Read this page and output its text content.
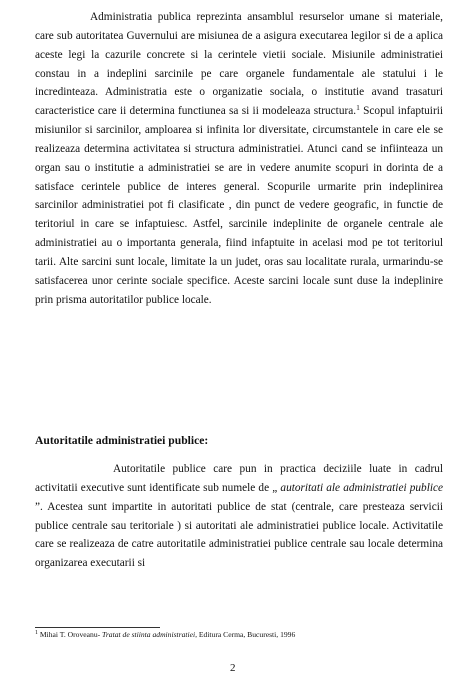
Administratia publica reprezinta ansamblul resurselor umane si materiale, care sub autoritatea Guvernului are misiunea de a asigura executarea legilor si de a aplica aceste legi la cazurile concrete si la cerintele vietii sociale. Misiunile administratiei constau in a indeplini sarcinile pe care organele fundamentale ale statului i le incredinteaza. Administratia este o organizatie sociala, o institutie avand trasaturi caracteristice care ii determina functiunea sa si ii modeleaza structura.$^1$ Scopul infaptuirii misiunilor si sarcinilor, amploarea si infinita lor diversitate, circumstantele in care ele se realizeaza determina activitatea si structura administratiei. Atunci cand se infiinteaza un organ sau o institutie a administratiei se are in vedere anumite scopuri in dorinta de a satisface cerintele publice de interes general. Scopurile urmarite prin indeplinirea sarcinilor administratiei pot fi clasificate , din punct de vedere geografic, in functie de teritoriul in care se infaptuiesc. Astfel, sarcinile indeplinite de organele centrale ale administratiei au o importanta generala, fiind infaptuite in acelasi mod pe tot teritoriul tarii. Alte sarcini sunt locale, limitate la un judet, oras sau localitate rurala, urmarindu-se satisfacerea unor cerinte sociale specifice. Aceste sarcini locale sunt duse la indeplinire prin prisma autoritatilor publice locale.

Autoritatile administratiei publice:

Autoritatile publice care pun in practica deciziile luate in cadrul activitatii executive sunt identificate sub numele de „ autoritati ale administratiei publice ”. Acestea sunt impartite in autoritati publice de stat (centrale, care presteaza servicii publice centrale sau teritoriale ) si autoritati ale administratiei publice locale. Activitatile care se realizeaza de catre autoritatile administratiei publice centrale sau locale determina organizarea executarii si

$^1$ Mihai T. Oroveanu- Tratat de stiinta administratiei, Editura Cerma, Bucuresti, 1996
2
